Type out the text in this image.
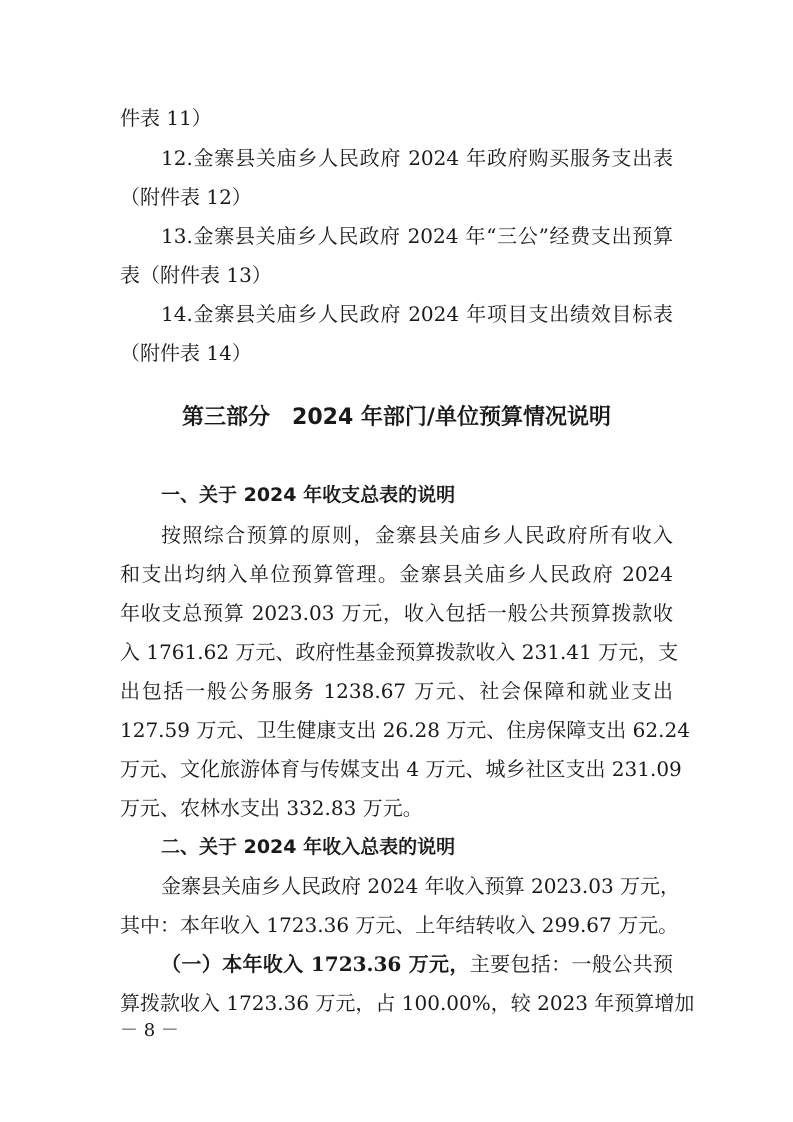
件表 11）
12.金寨县关庙乡人民政府 2024 年政府购买服务支出表
（附件表 12）
13.金寨县关庙乡人民政府 2024 年“三公”经费支出预算
表（附件表 13）
14.金寨县关庙乡人民政府 2024 年项目支出绩效目标表
（附件表 14）
第三部分　2024 年部门/单位预算情况说明
一、关于 2024 年收支总表的说明
按照综合预算的原则，金寨县关庙乡人民政府所有收入
和支出均纳入单位预算管理。金寨县关庙乡人民政府 2024
年收支总预算 2023.03 万元，收入包括一般公共预算拨款收
入 1761.62 万元、政府性基金预算拨款收入 231.41 万元，支
出包括一般公务服务 1238.67 万元、社会保障和就业支出
127.59 万元、卫生健康支出 26.28 万元、住房保障支出 62.24
万元、文化旅游体育与传媒支出 4 万元、城乡社区支出 231.09
万元、农林水支出 332.83 万元。
二、关于 2024 年收入总表的说明
金寨县关庙乡人民政府 2024 年收入预算 2023.03 万元，
其中：本年收入 1723.36 万元、上年结转收入 299.67 万元。
（一）本年收入 1723.36 万元，主要包括：一般公共预
算拨款收入 1723.36 万元，占 100.00%，较 2023 年预算增加
－ 8 －
